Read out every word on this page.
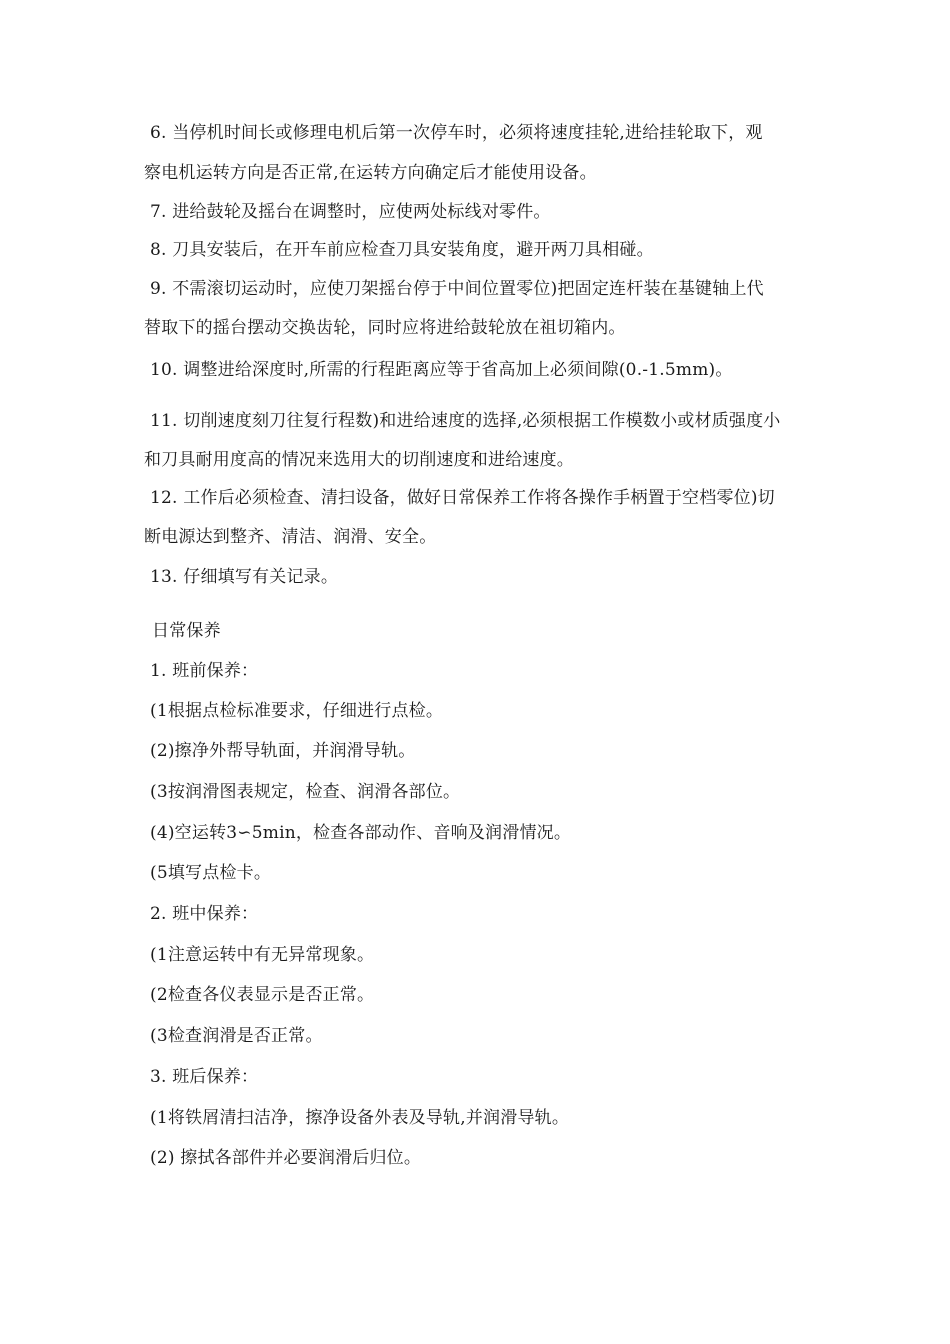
6. 当停机时间长或修理电机后第一次停车时，必须将速度挂轮,进给挂轮取下，观
察电机运转方向是否正常,在运转方向确定后才能使用设备。
7. 进给鼓轮及摇台在调整时，应使两处标线对零件。
8. 刀具安装后，在开车前应检查刀具安装角度，避开两刀具相碰。
9. 不需滚切运动时，应使刀架摇台停于中间位置零位)把固定连杆装在基键轴上代
替取下的摇台摆动交换齿轮，同时应将进给鼓轮放在祖切箱内。
10. 调整进给深度时,所需的行程距离应等于省高加上必须间隙(0.-1.5mm)。
11. 切削速度刻刀往复行程数)和进给速度的选择,必须根据工作模数小或材质强度小
和刀具耐用度高的情况来选用大的切削速度和进给速度。
12. 工作后必须检查、清扫设备，做好日常保养工作将各操作手柄置于空档零位)切
断电源达到整齐、清洁、润滑、安全。
13. 仔细填写有关记录。
日常保养
1. 班前保养：
(1根据点检标准要求，仔细进行点检。
(2)擦净外帮导轨面，并润滑导轨。
(3按润滑图表规定，检查、润滑各部位。
(4)空运转3∽5min，检查各部动作、音响及润滑情况。
(5填写点检卡。
2. 班中保养：
(1注意运转中有无异常现象。
(2检查各仪表显示是否正常。
(3检查润滑是否正常。
3. 班后保养：
(1将铁屑清扫洁净，擦净设备外表及导轨,并润滑导轨。
(2) 擦拭各部件并必要润滑后归位。
